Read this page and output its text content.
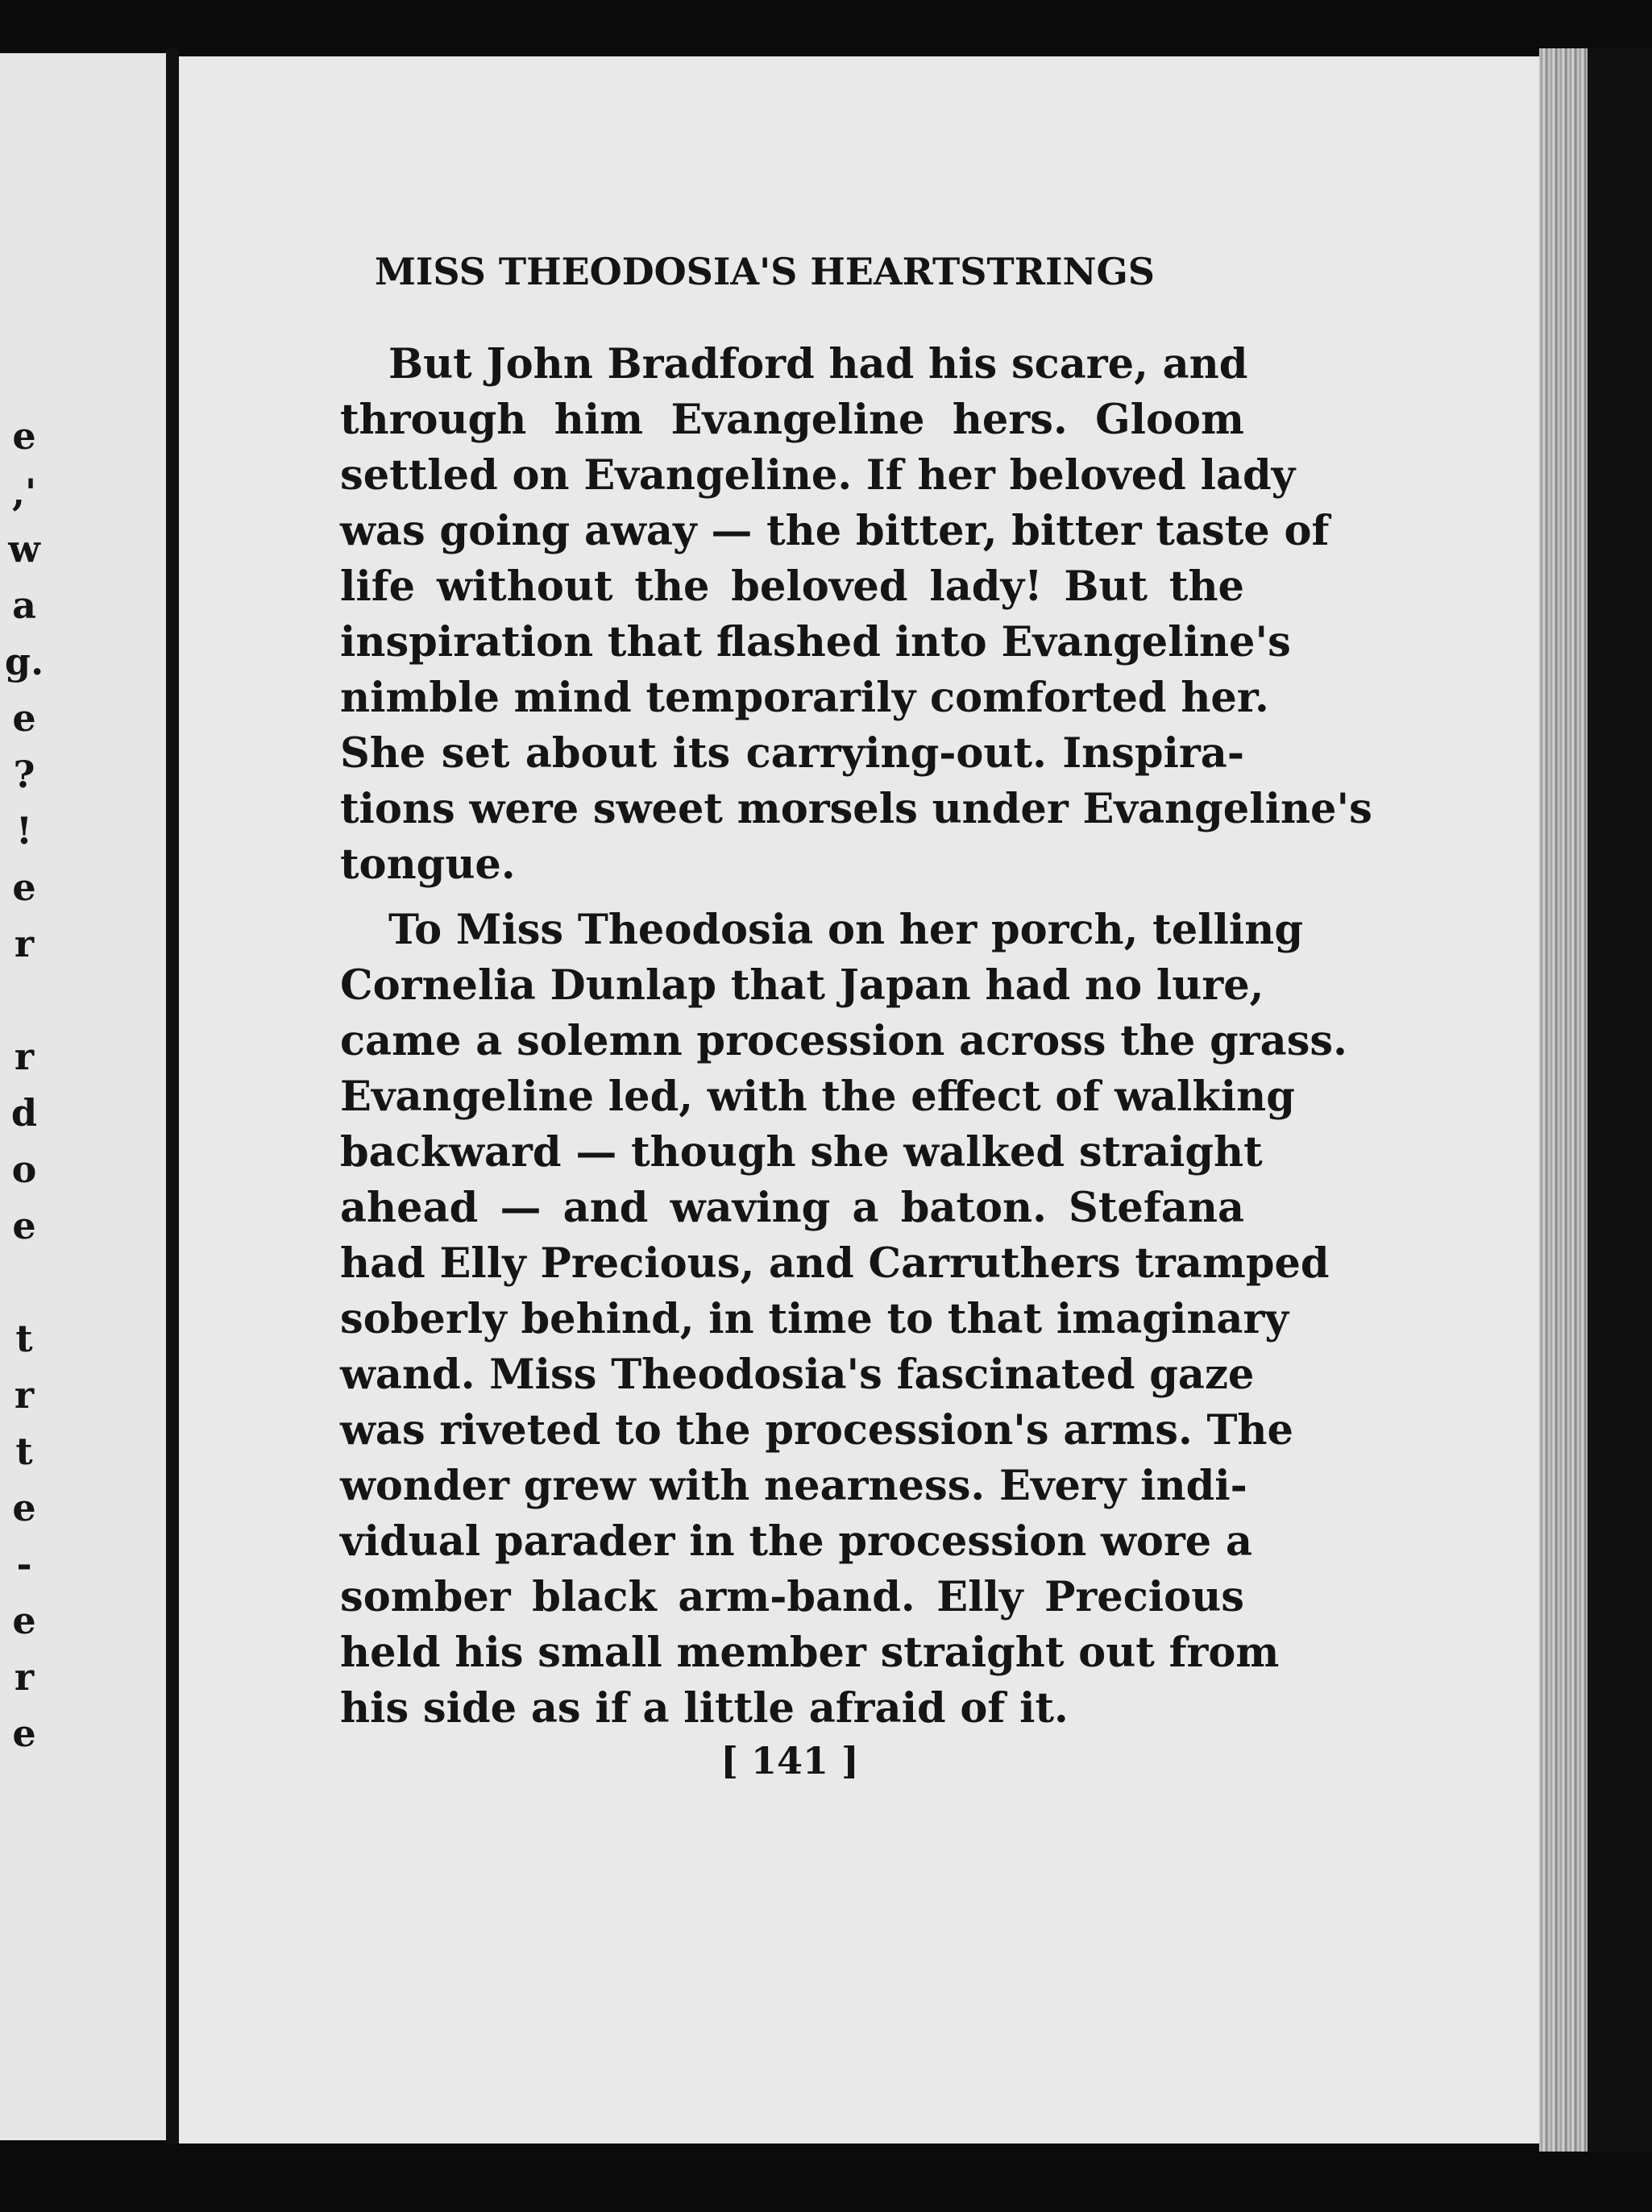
e
,'
w
a
g.
e
?
!
e
r
r
d
o
e
t
r
t
e
-
e
r
e
MISS THEODOSIA'S HEARTSTRINGS
But John Bradford had his scare, and
through him Evangeline hers. Gloom
settled on Evangeline. If her beloved lady
was going away — the bitter, bitter taste of
life without the beloved lady! But the
inspiration that flashed into Evangeline's
nimble mind temporarily comforted her.
She set about its carrying-out. Inspira-
tions were sweet morsels under Evangeline's
tongue.
To Miss Theodosia on her porch, telling
Cornelia Dunlap that Japan had no lure,
came a solemn procession across the grass.
Evangeline led, with the effect of walking
backward — though she walked straight
ahead — and waving a baton. Stefana
had Elly Precious, and Carruthers tramped
soberly behind, in time to that imaginary
wand. Miss Theodosia's fascinated gaze
was riveted to the procession's arms. The
wonder grew with nearness. Every indi-
vidual parader in the procession wore a
somber black arm-band. Elly Precious
held his small member straight out from
his side as if a little afraid of it.
[ 141 ]
